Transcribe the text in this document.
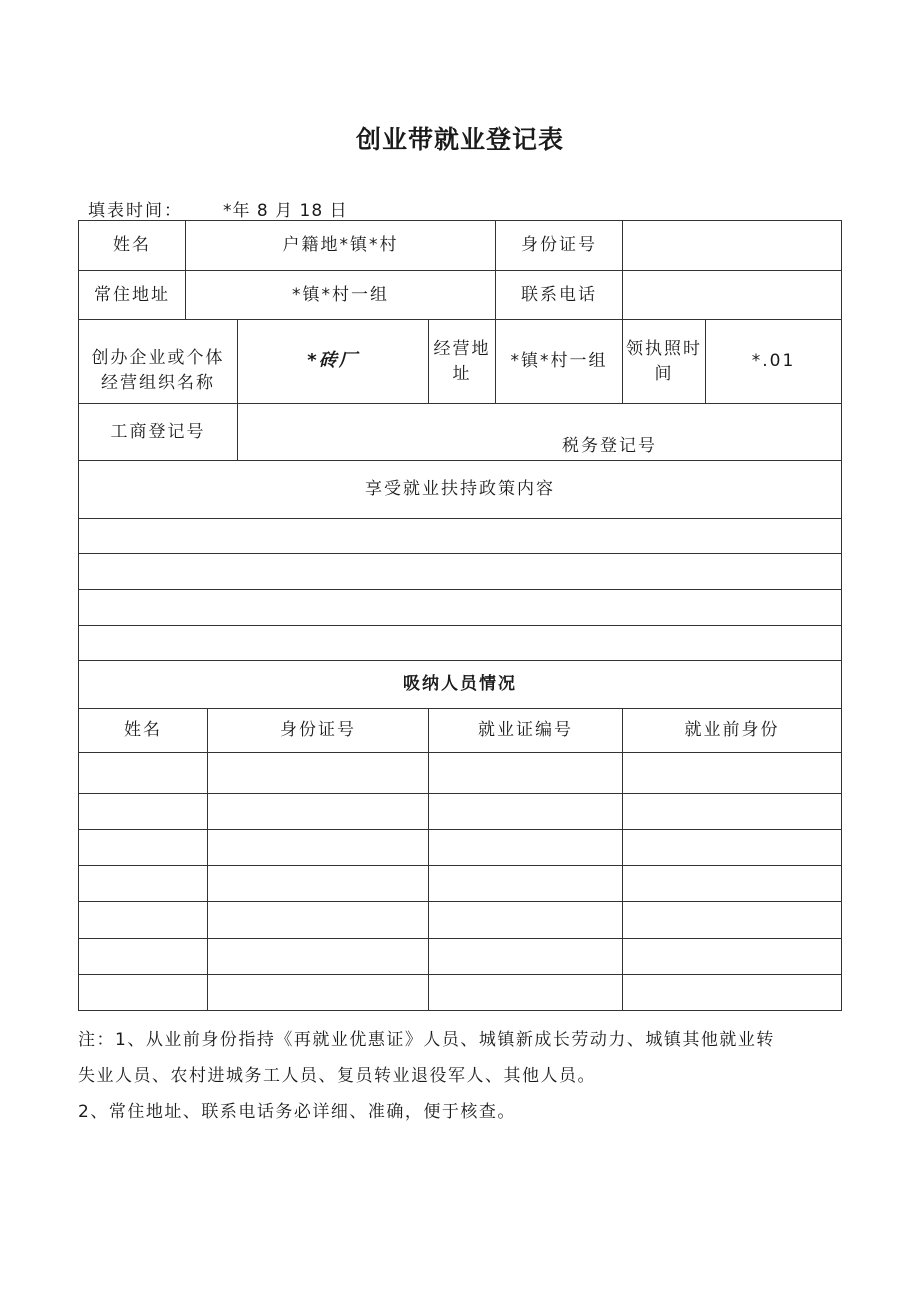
创业带就业登记表
填表时间： *年 8 月 18 日
姓名	户籍地*镇*村			身份证号		
常住地址	*镇*村一组			联系电话		
创办企业或个体经营组织名称		*砖厂	经营地址	*镇*村一组	领执照时间	*.01
工商登记号		税务登记号				
享受就业扶持政策内容						

吸纳人员情况						
姓名	身份证号	就业证编号	就业前身份

注：1、从业前身份指持《再就业优惠证》人员、城镇新成长劳动力、城镇其他就业转

失业人员、农村进城务工人员、复员转业退役军人、其他人员。

2、常住地址、联系电话务必详细、准确，便于核查。
